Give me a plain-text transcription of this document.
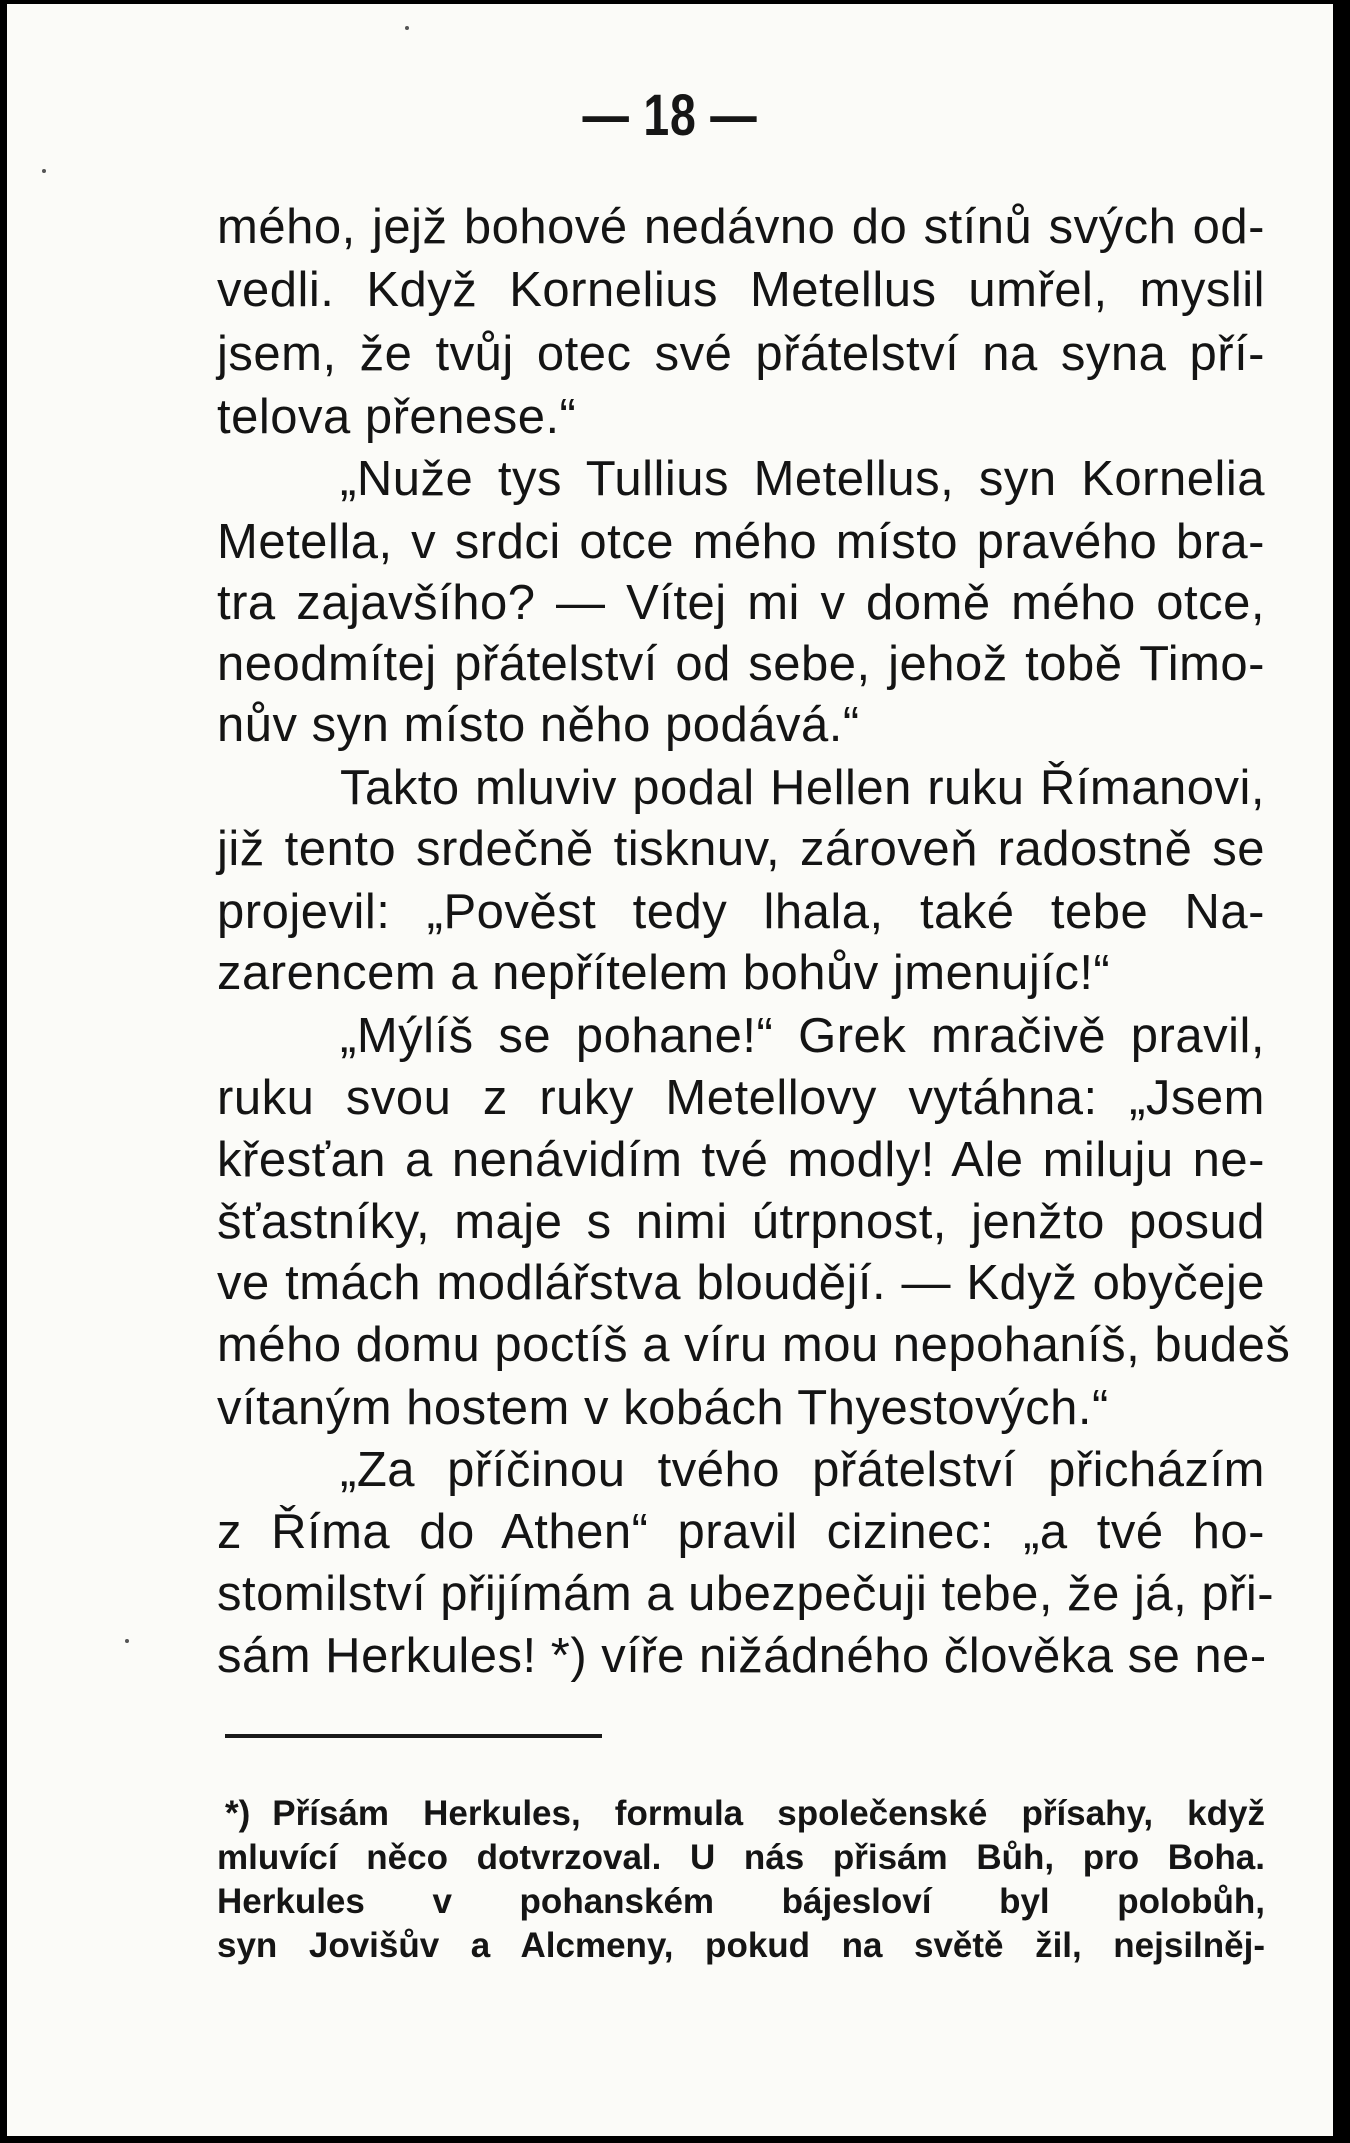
— 18 —
mého, jejž bohové nedávno do stínů svých od-
vedli. Když Kornelius Metellus umřel, myslil
jsem, že tvůj otec své přátelství na syna pří-
telova přenese.“
„Nuže tys Tullius Metellus, syn Kornelia
Metella, v srdci otce mého místo pravého bra-
tra zajavšího? — Vítej mi v domě mého otce,
neodmítej přátelství od sebe, jehož tobě Timo-
nův syn místo něho podává.“
Takto mluviv podal Hellen ruku Římanovi,
již tento srdečně tisknuv, zároveň radostně se
projevil: „Pověst tedy lhala, také tebe Na-
zarencem a nepřítelem bohův jmenujíc!“
„Mýlíš se pohane!“ Grek mračivě pravil,
ruku svou z ruky Metellovy vytáhna: „Jsem
křesťan a nenávidím tvé modly! Ale miluju ne-
šťastníky, maje s nimi útrpnost, jenžto posud
ve tmách modlářstva bloudějí. — Když obyčeje
mého domu poctíš a víru mou nepohaníš, budeš
vítaným hostem v kobách Thyestových.“
„Za příčinou tvého přátelství přicházím
z Říma do Athen“ pravil cizinec: „a tvé ho-
stomilství přijímám a ubezpečuji tebe, že já, při-
sám Herkules! *) víře nižádného člověka se ne-
*) Přísám Herkules, formula společenské přísahy, když
mluvící něco dotvrzoval. U nás přisám Bůh, pro Boha.
Herkules v pohanském bájesloví byl polobůh,
syn Jovišův a Alcmeny, pokud na světě žil, nejsilněj-
